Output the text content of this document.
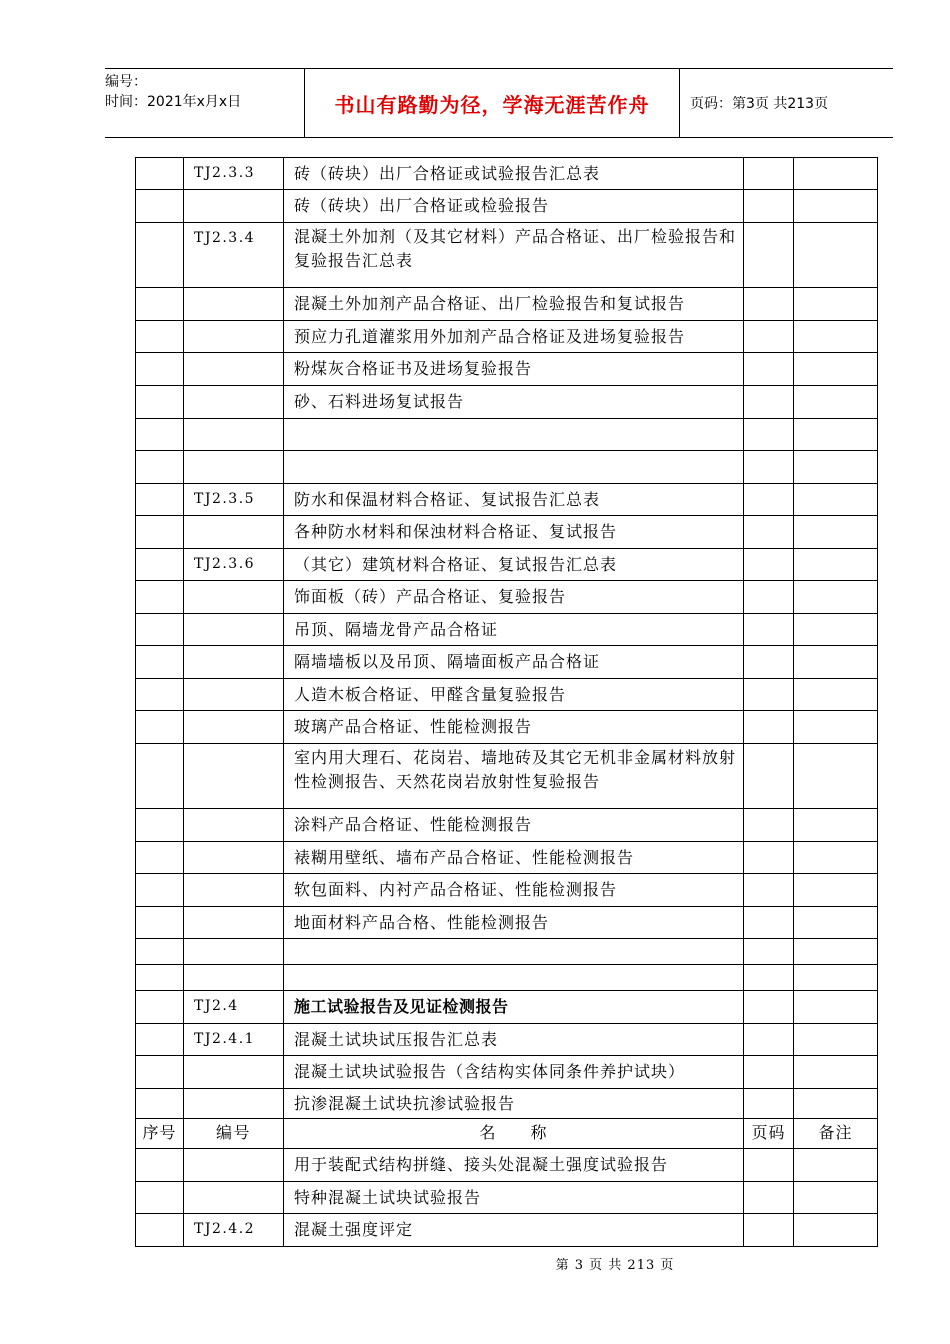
编号：
时间：2021年x月x日	书山有路勤为径，学海无涯苦作舟	页码：第3页 共213页
	TJ2.3.3	砖（砖块）出厂合格证或试验报告汇总表		
		砖（砖块）出厂合格证或检验报告		
	TJ2.3.4	混凝土外加剂（及其它材料）产品合格证、出厂检验报告和复验报告汇总表		
		混凝土外加剂产品合格证、出厂检验报告和复试报告		
		预应力孔道灌浆用外加剂产品合格证及进场复验报告		
		粉煤灰合格证书及进场复验报告		
		砂、石料进场复试报告		

	TJ2.3.5	防水和保温材料合格证、复试报告汇总表		
		各种防水材料和保浊材料合格证、复试报告		
	TJ2.3.6	（其它）建筑材料合格证、复试报告汇总表		
		饰面板（砖）产品合格证、复验报告		
		吊顶、隔墙龙骨产品合格证		
		隔墙墙板以及吊顶、隔墙面板产品合格证		
		人造木板合格证、甲醛含量复验报告		
		玻璃产品合格证、性能检测报告		
		室内用大理石、花岗岩、墙地砖及其它无机非金属材料放射性检测报告、天然花岗岩放射性复验报告		
		涂料产品合格证、性能检测报告		
		裱糊用壁纸、墙布产品合格证、性能检测报告		
		软包面料、内衬产品合格证、性能检测报告		
		地面材料产品合格、性能检测报告		

	TJ2.4	施工试验报告及见证检测报告		
	TJ2.4.1	混凝土试块试压报告汇总表		
		混凝土试块试验报告（含结构实体同条件养护试块）		
		抗渗混凝土试块抗渗试验报告		
序号	编号	名　　称	页码	备注
		用于装配式结构拼缝、接头处混凝土强度试验报告		
		特种混凝土试块试验报告		
	TJ2.4.2	混凝土强度评定		
第 3 页 共 213 页
